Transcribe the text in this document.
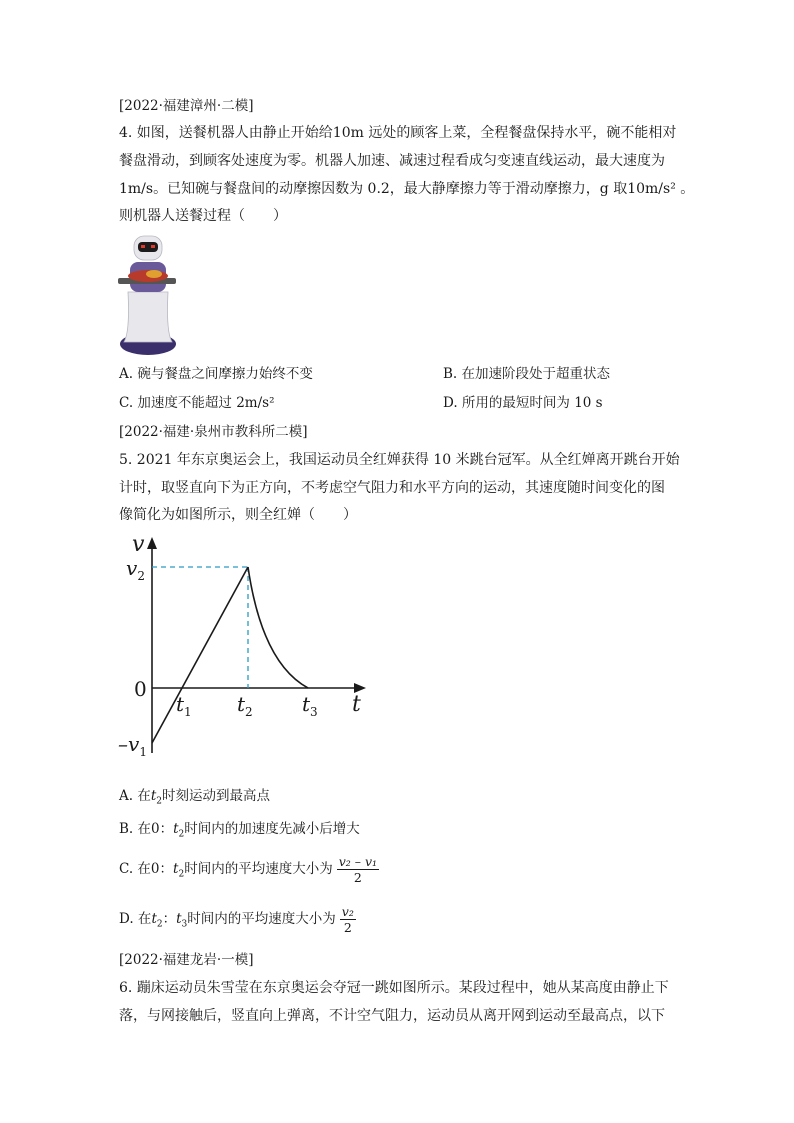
[2022·福建漳州·二模]
4. 如图，送餐机器人由静止开始给10m 远处的顾客上菜，全程餐盘保持水平，碗不能相对
餐盘滑动，到顾客处速度为零。机器人加速、减速过程看成匀变速直线运动，最大速度为
1m/s。已知碗与餐盘间的动摩擦因数为 0.2，最大静摩擦力等于滑动摩擦力，g 取10m/s² 。
则机器人送餐过程（　　）
A. 碗与餐盘之间摩擦力始终不变	B. 在加速阶段处于超重状态
C. 加速度不能超过 2m/s²	D. 所用的最短时间为 10 s
[2022·福建·泉州市教科所二模]
5. 2021 年东京奥运会上，我国运动员全红婵获得 10 米跳台冠军。从全红婵离开跳台开始
计时，取竖直向下为正方向，不考虑空气阻力和水平方向的运动，其速度随时间变化的图
像简化为如图所示，则全红婵（　　）
v
$v_2$
0
$t_1$ $t_2$ $t_3$ t
$-v_1$
A. 在$t_2$时刻运动到最高点
B. 在0：$t_2$时间内的加速度先减小后增大
C. 在0：$t_2$时间内的平均速度大小为 $\frac{\text{v₂ – v₁}}{2}$
D. 在$t_2$：$t_3$时间内的平均速度大小为 $\frac{\text{v₂}}{2}$
[2022·福建龙岩·一模]
6. 蹦床运动员朱雪莹在东京奥运会夺冠一跳如图所示。某段过程中，她从某高度由静止下
落，与网接触后，竖直向上弹离，不计空气阻力，运动员从离开网到运动至最高点，以下
